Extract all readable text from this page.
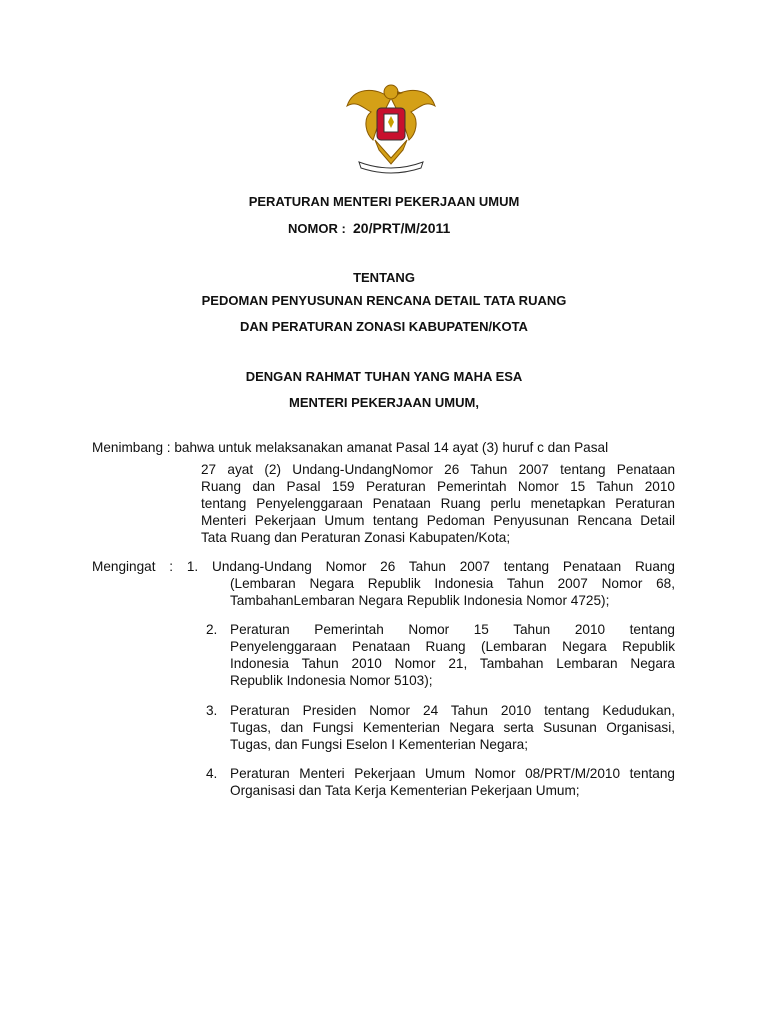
PERATURAN MENTERI PEKERJAAN UMUM
NOMOR : 20/PRT/M/2011
TENTANG
PEDOMAN PENYUSUNAN RENCANA DETAIL TATA RUANG
DAN PERATURAN ZONASI KABUPATEN/KOTA
DENGAN RAHMAT TUHAN YANG MAHA ESA
MENTERI PEKERJAAN UMUM,
Menimbang : bahwa untuk melaksanakan amanat Pasal 14 ayat (3) huruf c dan Pasal
27 ayat (2) Undang-UndangNomor 26 Tahun 2007 tentang Penataan
Ruang dan Pasal 159 Peraturan Pemerintah Nomor 15 Tahun 2010
tentang Penyelenggaraan Penataan Ruang perlu menetapkan Peraturan
Menteri Pekerjaan Umum tentang Pedoman Penyusunan Rencana Detail
Tata Ruang dan Peraturan Zonasi Kabupaten/Kota;
Mengingat : 1. Undang-Undang Nomor 26 Tahun 2007 tentang Penataan Ruang
(Lembaran Negara Republik Indonesia Tahun 2007 Nomor 68,
TambahanLembaran Negara Republik Indonesia Nomor 4725);
2. Peraturan Pemerintah Nomor 15 Tahun 2010 tentang
Penyelenggaraan Penataan Ruang (Lembaran Negara Republik
Indonesia Tahun 2010 Nomor 21, Tambahan Lembaran Negara
Republik Indonesia Nomor 5103);
3. Peraturan Presiden Nomor 24 Tahun 2010 tentang Kedudukan,
Tugas, dan Fungsi Kementerian Negara serta Susunan Organisasi,
Tugas, dan Fungsi Eselon I Kementerian Negara;
4. Peraturan Menteri Pekerjaan Umum Nomor 08/PRT/M/2010 tentang
Organisasi dan Tata Kerja Kementerian Pekerjaan Umum;
